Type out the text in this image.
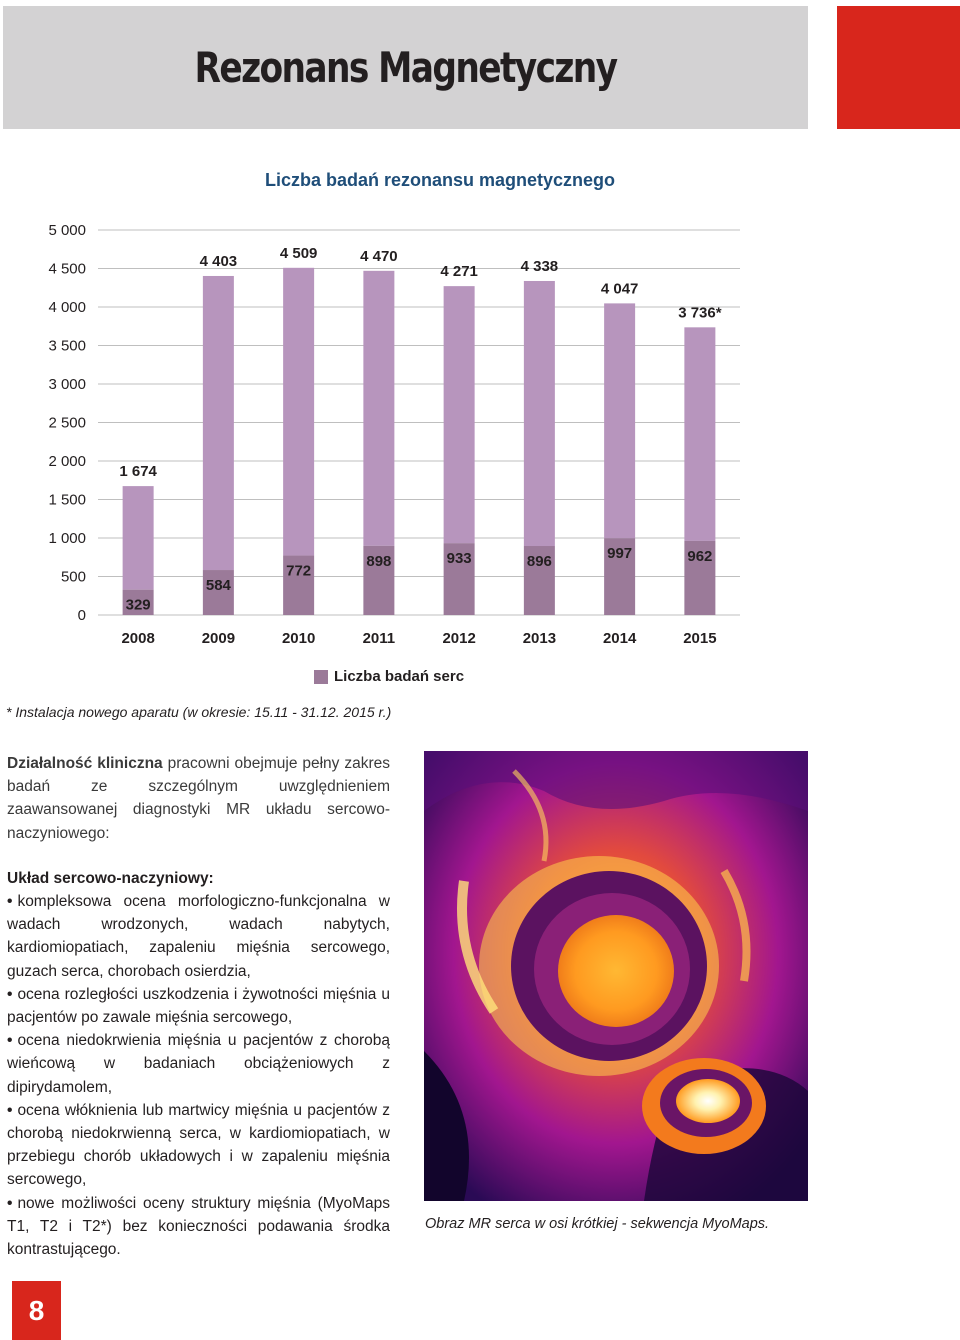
Rezonans Magnetyczny
Liczba badań rezonansu magnetycznego
0
500
1 000
1 500
2 000
2 500
3 000
3 500
4 000
4 500
5 000
1 674
329
2008
4 403
584
2009
4 509
772
2010
4 470
898
2011
4 271
933
2012
4 338
896
2013
4 047
997
2014
3 736*
962
2015
Liczba badań serc
* Instalacja nowego aparatu (w okresie: 15.11 - 31.12. 2015 r.)

Działalność kliniczna pracowni obejmuje pełny zakres badań ze szczególnym uwzględnieniem zaawansowanej diagnostyki MR układu sercowo-naczyniowego:

Układ sercowo-naczyniowy:

• kompleksowa ocena morfologiczno-funkcjonalna w wadach wrodzonych, wadach nabytych, kardiomiopatiach, zapaleniu mięśnia sercowego, guzach serca, chorobach osierdzia,

• ocena rozległości uszkodzenia i żywotności mięśnia u pacjentów po zawale mięśnia sercowego,

• ocena niedokrwienia mięśnia u pacjentów z chorobą wieńcową w badaniach obciążeniowych z dipirydamolem,

• ocena włóknienia lub martwicy mięśnia u pacjentów z chorobą niedokrwienną serca, w kardiomiopatiach, w przebiegu chorób układowych i w zapaleniu mięśnia sercowego,

• nowe możliwości oceny struktury mięśnia (MyoMaps T1, T2 i T2*) bez konieczności podawania środka kontrastującego.

Obraz MR serca w osi krótkiej - sekwencja MyoMaps.
8
